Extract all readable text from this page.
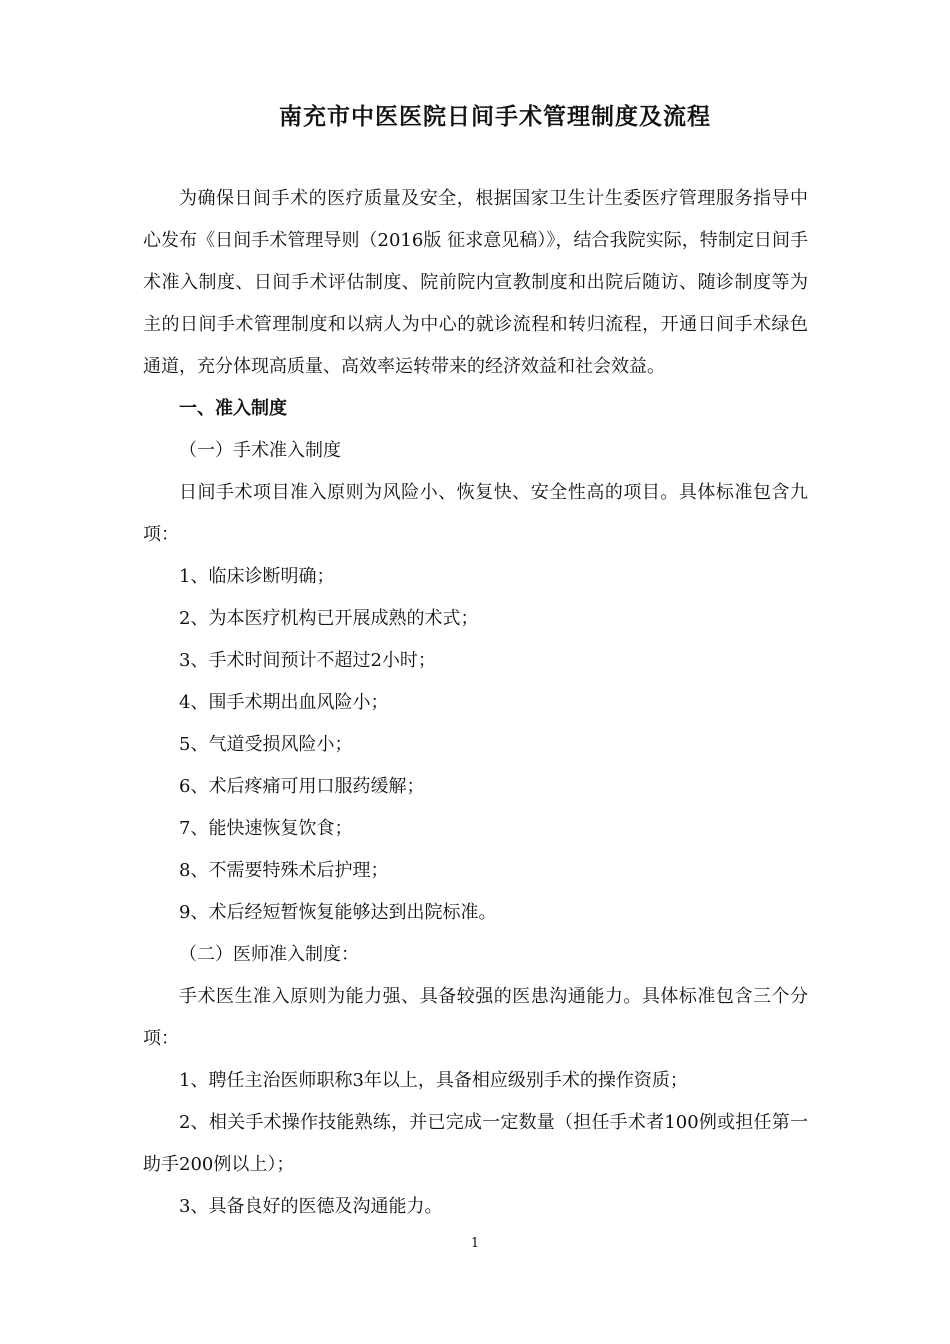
南充市中医医院日间手术管理制度及流程

为确保日间手术的医疗质量及安全，根据国家卫生计生委医疗管理服务指导中心发布《日间手术管理导则（2016版 征求意见稿）》，结合我院实际，特制定日间手术准入制度、日间手术评估制度、院前院内宣教制度和出院后随访、随诊制度等为主的日间手术管理制度和以病人为中心的就诊流程和转归流程，开通日间手术绿色通道，充分体现高质量、高效率运转带来的经济效益和社会效益。

一、准入制度

（一）手术准入制度

日间手术项目准入原则为风险小、恢复快、安全性高的项目。具体标准包含九项：

1、临床诊断明确；

2、为本医疗机构已开展成熟的术式；

3、手术时间预计不超过2小时；

4、围手术期出血风险小；

5、气道受损风险小；

6、术后疼痛可用口服药缓解；

7、能快速恢复饮食；

8、不需要特殊术后护理；

9、术后经短暂恢复能够达到出院标准。

（二）医师准入制度：

手术医生准入原则为能力强、具备较强的医患沟通能力。具体标准包含三个分项：

1、聘任主治医师职称3年以上，具备相应级别手术的操作资质；

2、相关手术操作技能熟练，并已完成一定数量（担任手术者100例或担任第一助手200例以上）；

3、具备良好的医德及沟通能力。

1
